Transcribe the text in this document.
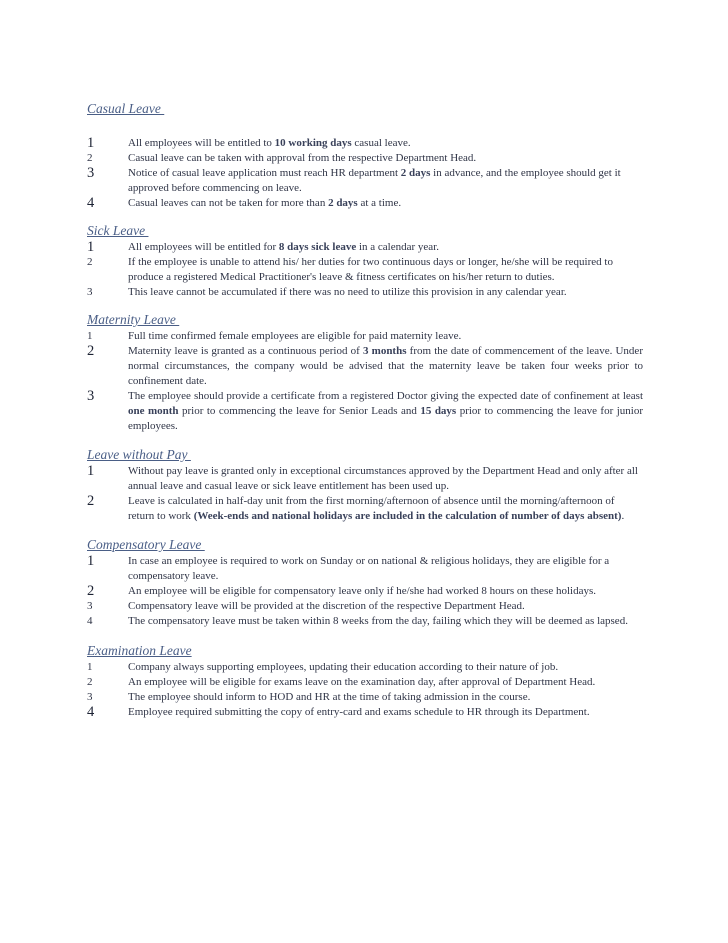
Casual Leave

1	All employees will be entitled to 10 working days casual leave.
2	Casual leave can be taken with approval from the respective Department Head.
3	Notice of casual leave application must reach HR department 2 days in advance, and the employee should get it approved before commencing on leave.
4	Casual leaves can not be taken for more than 2 days at a time.

Sick Leave

1	All employees will be entitled for 8 days sick leave in a calendar year.
2	If the employee is unable to attend his/ her duties for two continuous days or longer, he/she will be required to produce a registered Medical Practitioner's leave & fitness certificates on his/her return to duties.
3	This leave cannot be accumulated if there was no need to utilize this provision in any calendar year.

Maternity Leave

1	Full time confirmed female employees are eligible for paid maternity leave.
2	Maternity leave is granted as a continuous period of 3 months from the date of commencement of the leave. Under normal circumstances, the company would be advised that the maternity leave be taken four weeks prior to confinement date.
3	The employee should provide a certificate from a registered Doctor giving the expected date of confinement at least one month prior to commencing the leave for Senior Leads and 15 days prior to commencing the leave for junior employees.

Leave without Pay

1	Without pay leave is granted only in exceptional circumstances approved by the Department Head and only after all annual leave and casual leave or sick leave entitlement has been used up.
2	Leave is calculated in half-day unit from the first morning/afternoon of absence until the morning/afternoon of return to work (Week-ends and national holidays are included in the calculation of number of days absent).

Compensatory Leave

1	In case an employee is required to work on Sunday or on national & religious holidays, they are eligible for a compensatory leave.
2	An employee will be eligible for compensatory leave only if he/she had worked 8 hours on these holidays.
3	Compensatory leave will be provided at the discretion of the respective Department Head.
4	The compensatory leave must be taken within 8 weeks from the day, failing which they will be deemed as lapsed.

Examination Leave

1	Company always supporting employees, updating their education according to their nature of job.
2	An employee will be eligible for exams leave on the examination day, after approval of Department Head.
3	The employee should inform to HOD and HR at the time of taking admission in the course.
4	Employee required submitting the copy of entry-card and exams schedule to HR through its Department.
